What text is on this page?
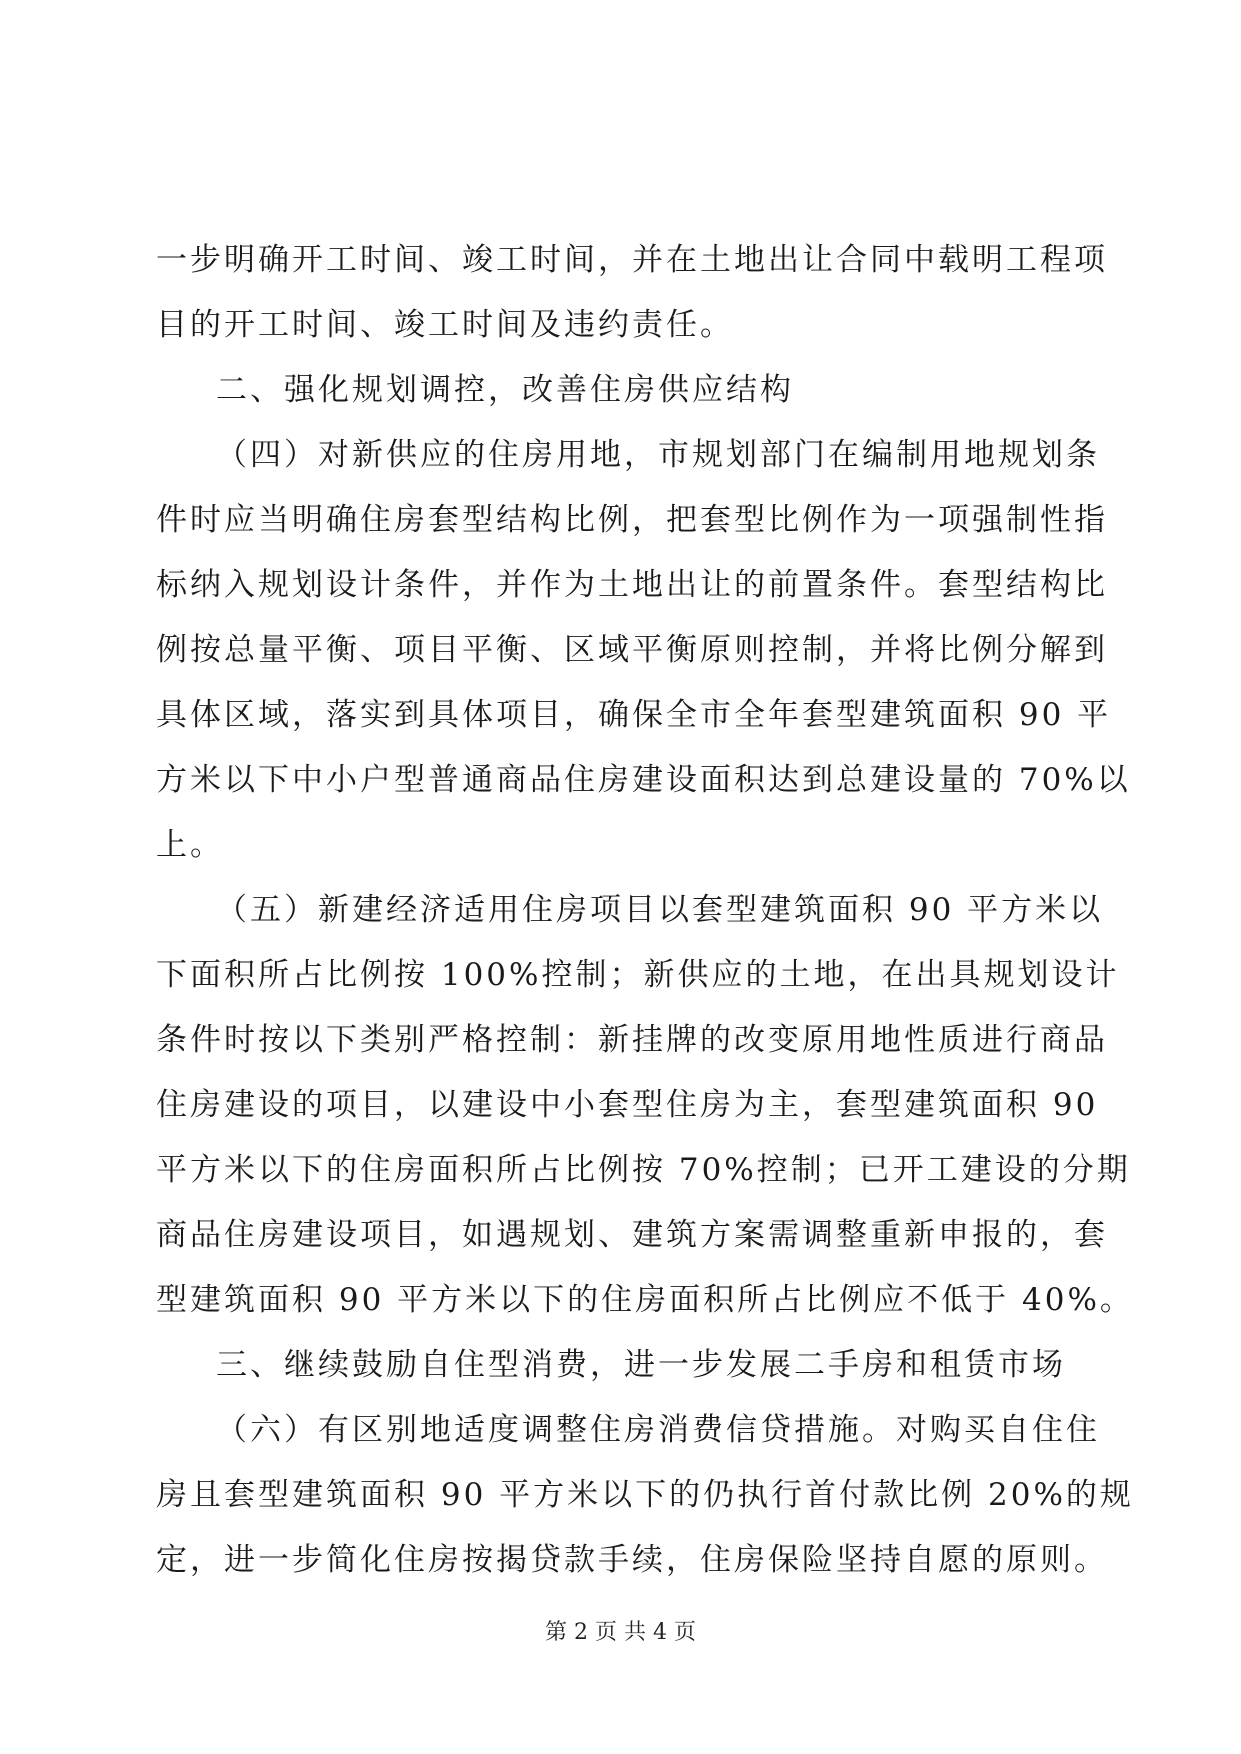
一步明确开工时间、竣工时间，并在土地出让合同中载明工程项
目的开工时间、竣工时间及违约责任。
二、强化规划调控，改善住房供应结构
（四）对新供应的住房用地，市规划部门在编制用地规划条
件时应当明确住房套型结构比例，把套型比例作为一项强制性指
标纳入规划设计条件，并作为土地出让的前置条件。套型结构比
例按总量平衡、项目平衡、区域平衡原则控制，并将比例分解到
具体区域，落实到具体项目，确保全市全年套型建筑面积 90 平
方米以下中小户型普通商品住房建设面积达到总建设量的 70%以
上。
（五）新建经济适用住房项目以套型建筑面积 90 平方米以
下面积所占比例按 100%控制；新供应的土地，在出具规划设计
条件时按以下类别严格控制：新挂牌的改变原用地性质进行商品
住房建设的项目，以建设中小套型住房为主，套型建筑面积 90
平方米以下的住房面积所占比例按 70%控制；已开工建设的分期
商品住房建设项目，如遇规划、建筑方案需调整重新申报的，套
型建筑面积 90 平方米以下的住房面积所占比例应不低于 40%。
三、继续鼓励自住型消费，进一步发展二手房和租赁市场
（六）有区别地适度调整住房消费信贷措施。对购买自住住
房且套型建筑面积 90 平方米以下的仍执行首付款比例 20%的规
定，进一步简化住房按揭贷款手续，住房保险坚持自愿的原则。
第 2 页 共 4 页
